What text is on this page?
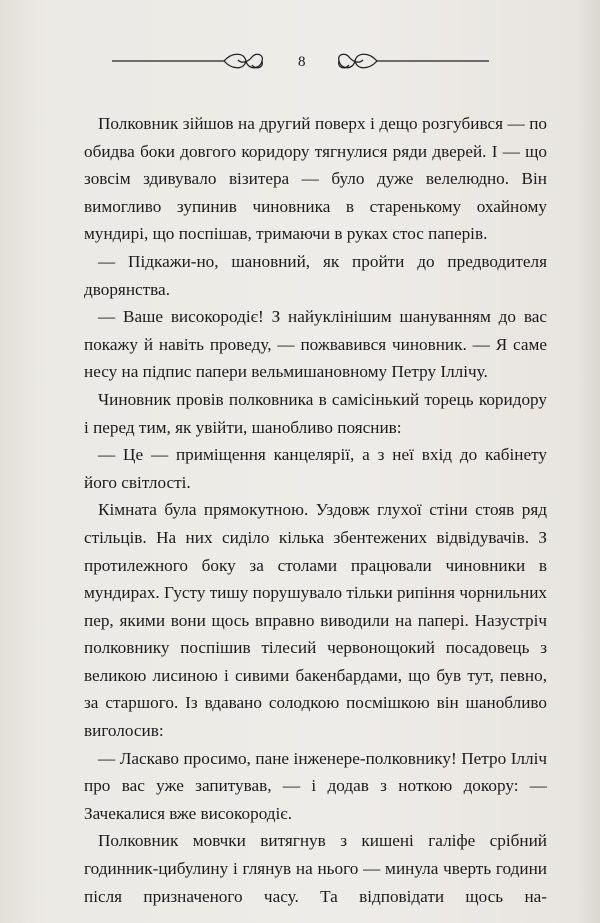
8

Полковник зійшов на другий поверх і дещо розгубився — по обидва боки довгого коридору тягнулися ряди дверей. І — що зовсім здивувало візитера — було дуже велелюдно. Він вимогливо зупинив чиновника в старенькому охайному мундирі, що поспішав, тримаючи в руках стос паперів.

— Підкажи-но, шановний, як пройти до предводителя дворянства.

— Ваше високородіє! З найуклінішим шануванням до вас покажу й навіть проведу, — пожвавився чиновник. — Я саме несу на підпис папери вельмишановному Петру Іллічу.

Чиновник провів полковника в самісінький торець коридору і перед тим, як увійти, шанобливо пояснив:

— Це — приміщення канцелярії, а з неї вхід до кабінету його світлості.

Кімната була прямокутною. Уздовж глухої стіни стояв ряд стільців. На них сиділо кілька збентежених відвідувачів. З протилежного боку за столами працювали чиновники в мундирах. Густу тишу порушувало тільки рипіння чорнильних пер, якими вони щось вправно виводили на папері. Назустріч полковнику поспішив тілесий червонощокий посадовець з великою лисиною і сивими бакенбардами, що був тут, певно, за старшого. Із вдавано солодкою посмішкою він шанобливо виголосив:

— Ласкаво просимо, пане інженере-полковнику! Петро Ілліч про вас уже запитував, — і додав з ноткою докору: — Зачекалися вже високородіє.

Полковник мовчки витягнув з кишені галіфе срібний годинник-цибулину і глянув на нього — минула чверть години після призначеного часу. Та відповідати щось на-
